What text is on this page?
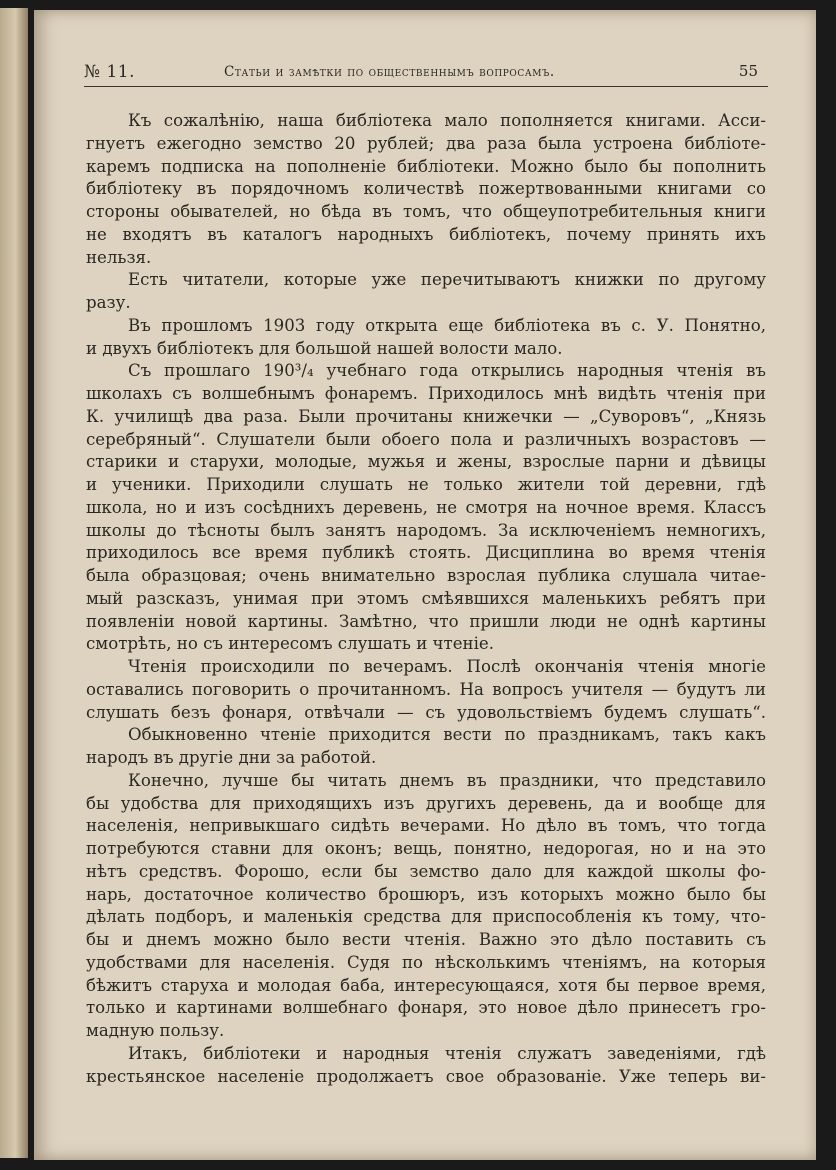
№ 11.	Статьи и замѣтки по общественнымъ вопросамъ.	55
Къ сожалѣнію, наша библіотека мало пополняется книгами. Асси-
гнуетъ ежегодно земство 20 рублей; два раза была устроена библіоте-
каремъ подписка на пополненіе библіотеки. Можно было бы пополнить
библіотеку въ порядочномъ количествѣ пожертвованными книгами со
стороны обывателей, но бѣда въ томъ, что общеупотребительныя книги
не входятъ въ каталогъ народныхъ библіотекъ, почему принять ихъ
нельзя.
Есть читатели, которые уже перечитываютъ книжки по другому
разу.
Въ прошломъ 1903 году открыта еще библіотека въ с. У. Понятно,
и двухъ библіотекъ для большой нашей волости мало.
Съ прошлаго 190³/₄ учебнаго года открылись народныя чтенія въ
школахъ съ волшебнымъ фонаремъ. Приходилось мнѣ видѣть чтенія при
К. училищѣ два раза. Были прочитаны книжечки — „Суворовъ“, „Князь
серебряный“. Слушатели были обоего пола и различныхъ возрастовъ —
старики и старухи, молодые, мужья и жены, взрослые парни и дѣвицы
и ученики. Приходили слушать не только жители той деревни, гдѣ
школа, но и изъ сосѣднихъ деревень, не смотря на ночное время. Классъ
школы до тѣсноты былъ занятъ народомъ. За исключеніемъ немногихъ,
приходилось все время публикѣ стоять. Дисциплина во время чтенія
была образцовая; очень внимательно взрослая публика слушала читае-
мый разсказъ, унимая при этомъ смѣявшихся маленькихъ ребятъ при
появленіи новой картины. Замѣтно, что пришли люди не однѣ картины
смотрѣть, но съ интересомъ слушать и чтеніе.
Чтенія происходили по вечерамъ. Послѣ окончанія чтенія многіе
оставались поговорить о прочитанномъ. На вопросъ учителя — будутъ ли
слушать безъ фонаря, отвѣчали — съ удовольствіемъ будемъ слушать“.
Обыкновенно чтеніе приходится вести по праздникамъ, такъ какъ
народъ въ другіе дни за работой.
Конечно, лучше бы читать днемъ въ праздники, что представило
бы удобства для приходящихъ изъ другихъ деревень, да и вообще для
населенія, непривыкшаго сидѣть вечерами. Но дѣло въ томъ, что тогда
потребуются ставни для оконъ; вещь, понятно, недорогая, но и на это
нѣтъ средствъ. Форошо, если бы земство дало для каждой школы фо-
нарь, достаточное количество брошюръ, изъ которыхъ можно было бы
дѣлать подборъ, и маленькія средства для приспособленія къ тому, что-
бы и днемъ можно было вести чтенія. Важно это дѣло поставить съ
удобствами для населенія. Судя по нѣсколькимъ чтеніямъ, на которыя
бѣжитъ старуха и молодая баба, интересующаяся, хотя бы первое время,
только и картинами волшебнаго фонаря, это новое дѣло принесетъ гро-
мадную пользу.
Итакъ, библіотеки и народныя чтенія служатъ заведеніями, гдѣ
крестьянское населеніе продолжаетъ свое образованіе. Уже теперь ви-
